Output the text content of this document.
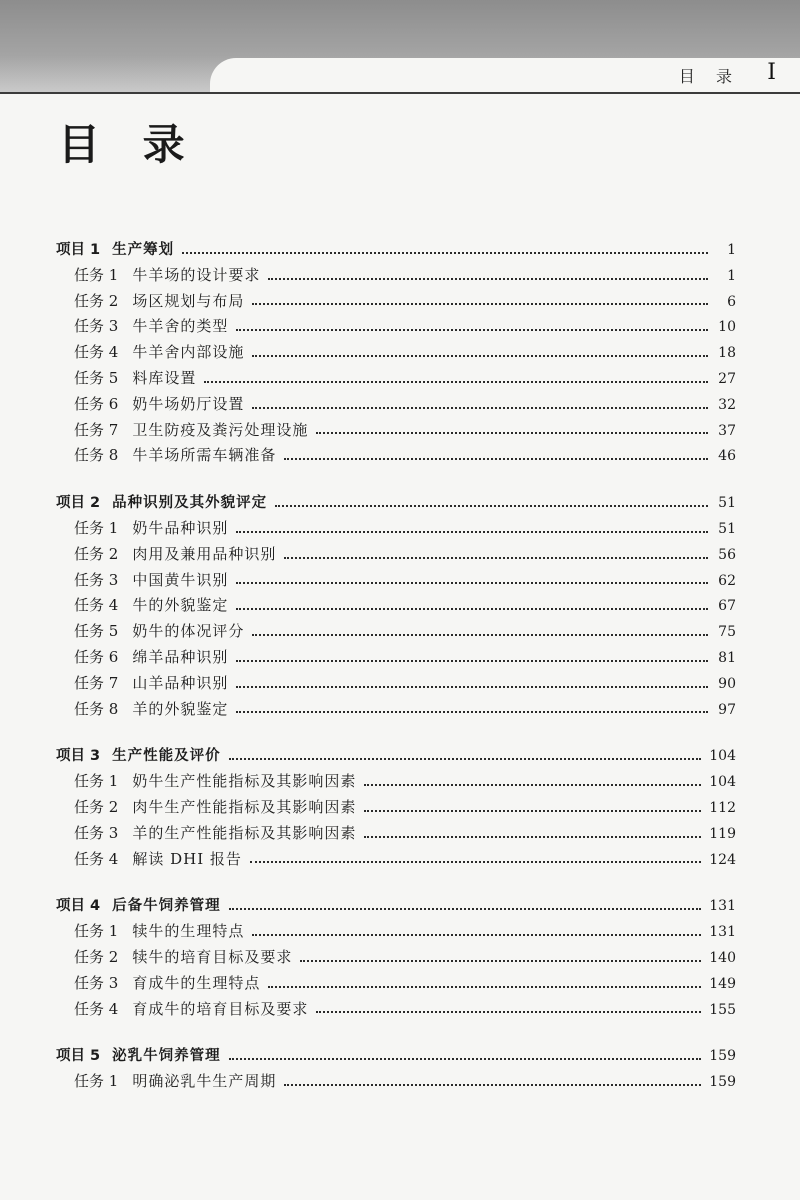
目 录 I
目 录
项目 1 生产筹划	1
任务 1 牛羊场的设计要求	1
任务 2 场区规划与布局	6
任务 3 牛羊舍的类型	10
任务 4 牛羊舍内部设施	18
任务 5 料库设置	27
任务 6 奶牛场奶厅设置	32
任务 7 卫生防疫及粪污处理设施	37
任务 8 牛羊场所需车辆准备	46
项目 2 品种识别及其外貌评定	51
任务 1 奶牛品种识别	51
任务 2 肉用及兼用品种识别	56
任务 3 中国黄牛识别	62
任务 4 牛的外貌鉴定	67
任务 5 奶牛的体况评分	75
任务 6 绵羊品种识别	81
任务 7 山羊品种识别	90
任务 8 羊的外貌鉴定	97
项目 3 生产性能及评价	104
任务 1 奶牛生产性能指标及其影响因素	104
任务 2 肉牛生产性能指标及其影响因素	112
任务 3 羊的生产性能指标及其影响因素	119
任务 4 解读 DHI 报告	124
项目 4 后备牛饲养管理	131
任务 1 犊牛的生理特点	131
任务 2 犊牛的培育目标及要求	140
任务 3 育成牛的生理特点	149
任务 4 育成牛的培育目标及要求	155
项目 5 泌乳牛饲养管理	159
任务 1 明确泌乳牛生产周期	159
